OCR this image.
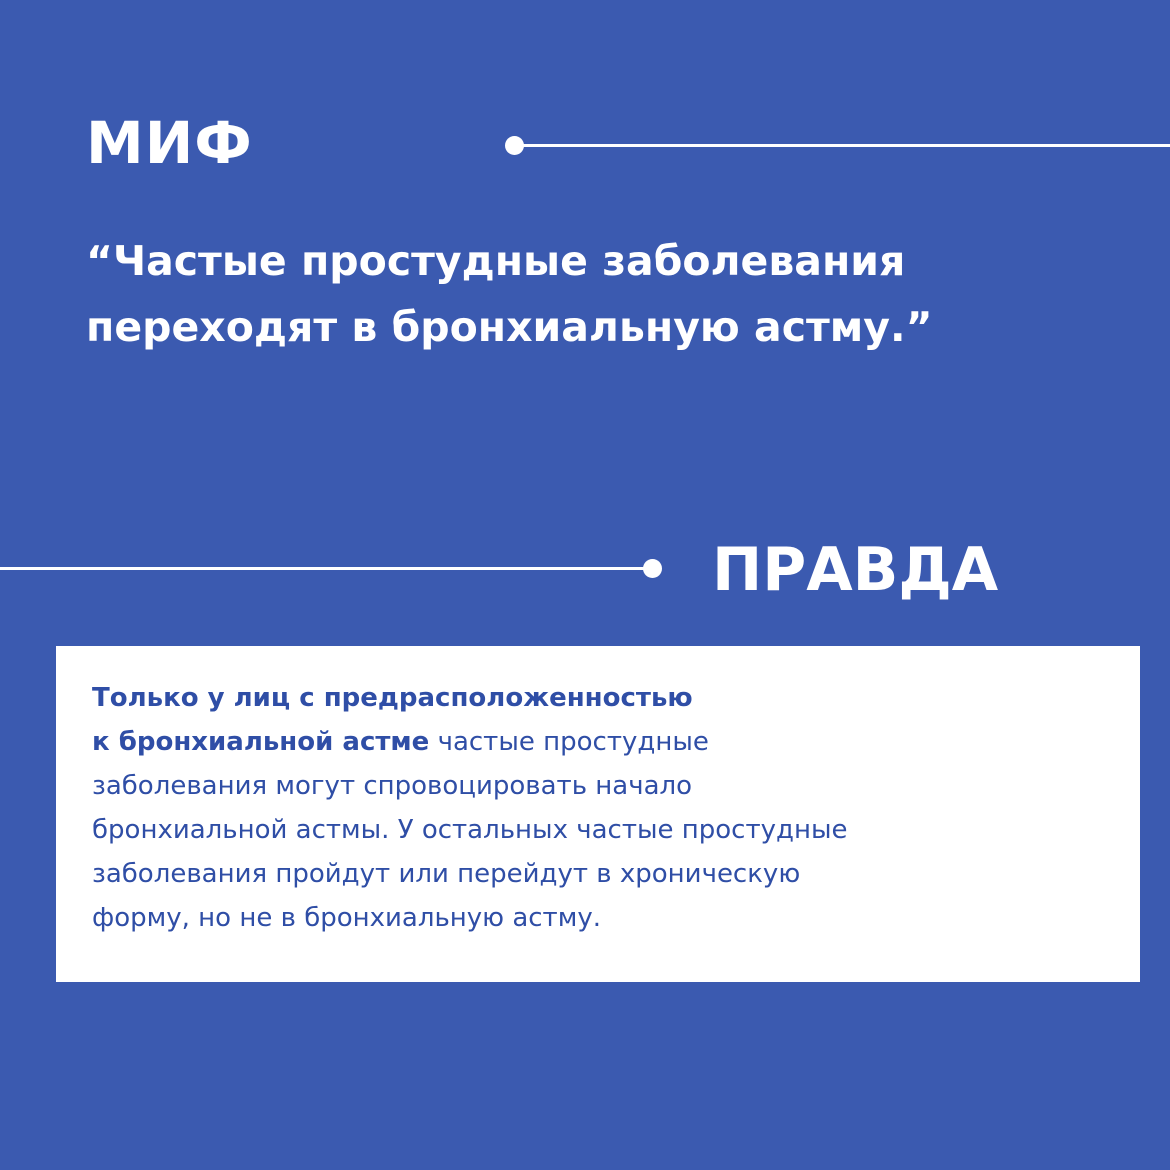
МИФ
“Частые простудные заболевания
переходят в бронхиальную астму.”
ПРАВДА
Только у лиц с предрасположенностью
к бронхиальной астме частые простудные
заболевания могут спровоцировать начало
бронхиальной астмы. У остальных частые простудные
заболевания пройдут или перейдут в хроническую
форму, но не в бронхиальную астму.
